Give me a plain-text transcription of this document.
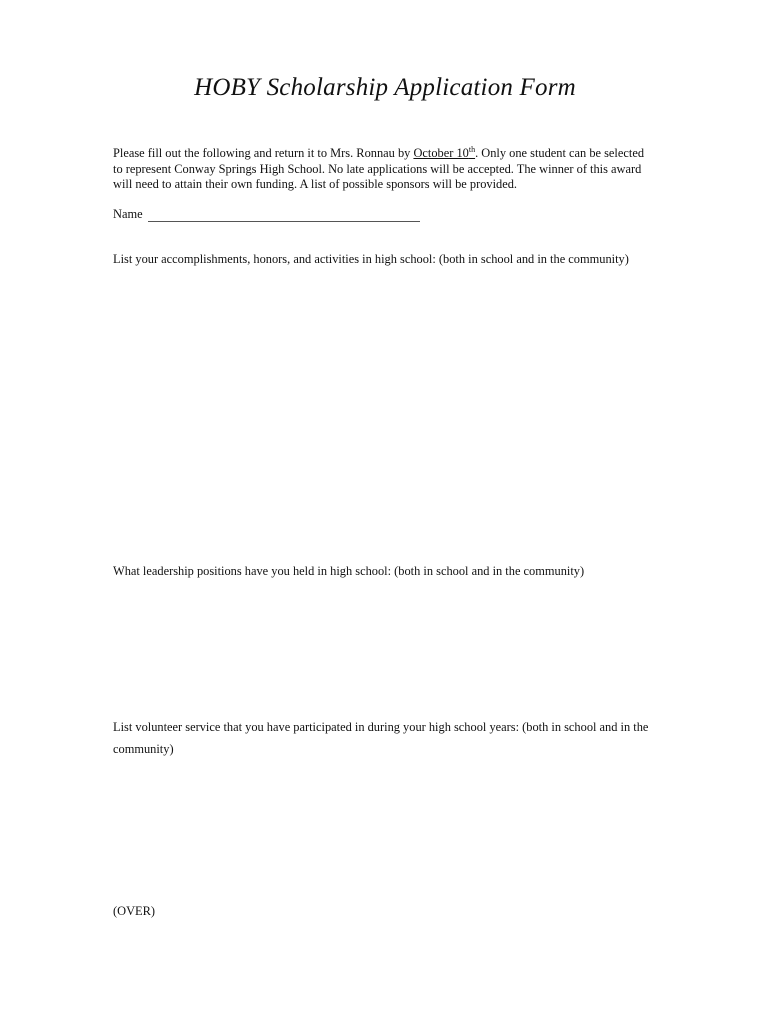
HOBY Scholarship Application Form
Please fill out the following and return it to Mrs. Ronnau by October 10th. Only one student can be selected
to represent Conway Springs High School. No late applications will be accepted. The winner of this award
will need to attain their own funding. A list of possible sponsors will be provided.
Name
List your accomplishments, honors, and activities in high school: (both in school and in the community)
What leadership positions have you held in high school: (both in school and in the community)
List volunteer service that you have participated in during your high school years: (both in school and in the community)
(OVER)
